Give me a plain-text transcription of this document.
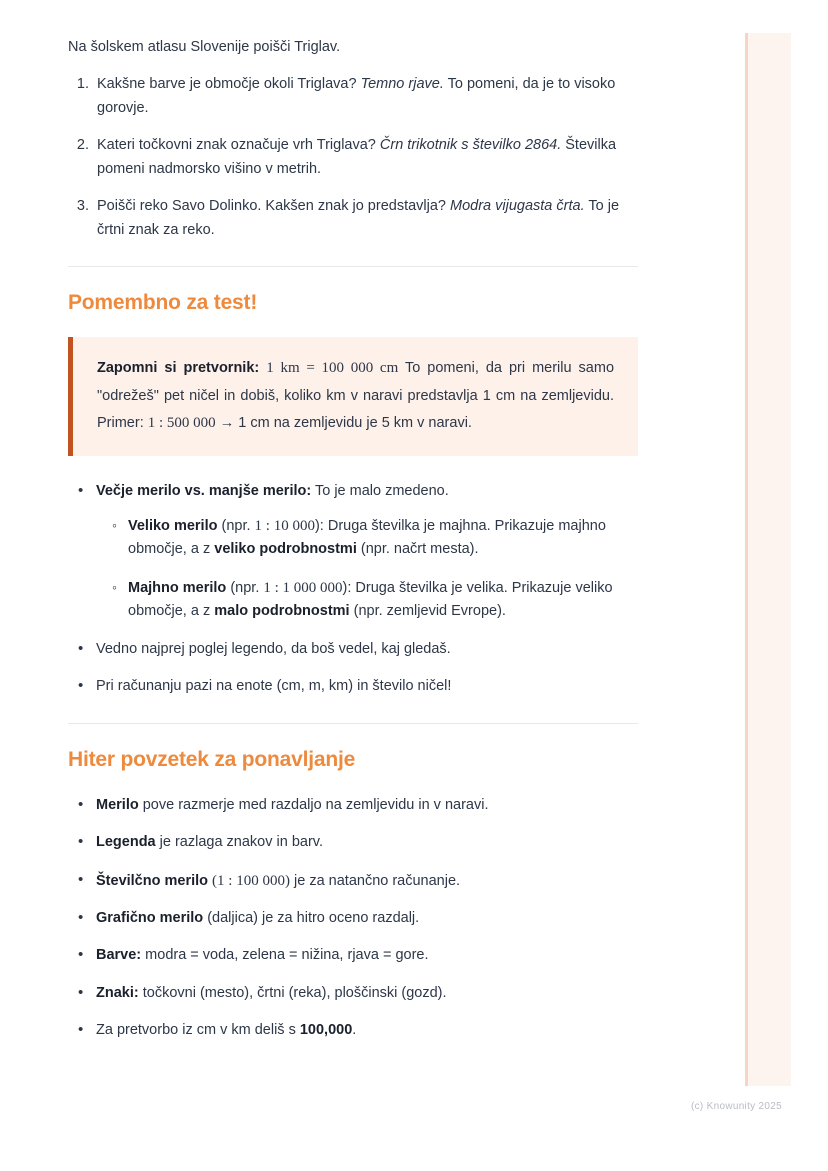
Na šolskem atlasu Slovenije poišči Triglav.

1. Kakšne barve je območje okoli Triglava? Temno rjave. To pomeni, da je to visoko gorovje.
2. Kateri točkovni znak označuje vrh Triglava? Črn trikotnik s številko 2864. Številka pomeni nadmorsko višino v metrih.
3. Poišči reko Savo Dolinko. Kakšen znak jo predstavlja? Modra vijugasta črta. To je črtni znak za reko.
Pomembno za test!

Zapomni si pretvornik: 1 km = 100 000 cm To pomeni, da pri merilu samo "odrežeš" pet ničel in dobiš, koliko km v naravi predstavlja 1 cm na zemljevidu. Primer: 1 : 500 000 → 1 cm na zemljevidu je 5 km v naravi.

• Večje merilo vs. manjše merilo: To je malo zmedeno.
◦ Veliko merilo (npr. 1 : 10 000): Druga številka je majhna. Prikazuje majhno območje, a z veliko podrobnostmi (npr. načrt mesta).
◦ Majhno merilo (npr. 1 : 1 000 000): Druga številka je velika. Prikazuje veliko območje, a z malo podrobnostmi (npr. zemljevid Evrope).
• Vedno najprej poglej legendo, da boš vedel, kaj gledaš.
• Pri računanju pazi na enote (cm, m, km) in število ničel!
Hiter povzetek za ponavljanje
• Merilo pove razmerje med razdaljo na zemljevidu in v naravi.
• Legenda je razlaga znakov in barv.
• Številčno merilo (1 : 100 000) je za natančno računanje.
• Grafično merilo (daljica) je za hitro oceno razdalj.
• Barve: modra = voda, zelena = nižina, rjava = gore.
• Znaki: točkovni (mesto), črtni (reka), ploščinski (gozd).
• Za pretvorbo iz cm v km deliš s 100,000.
(c) Knowunity 2025
